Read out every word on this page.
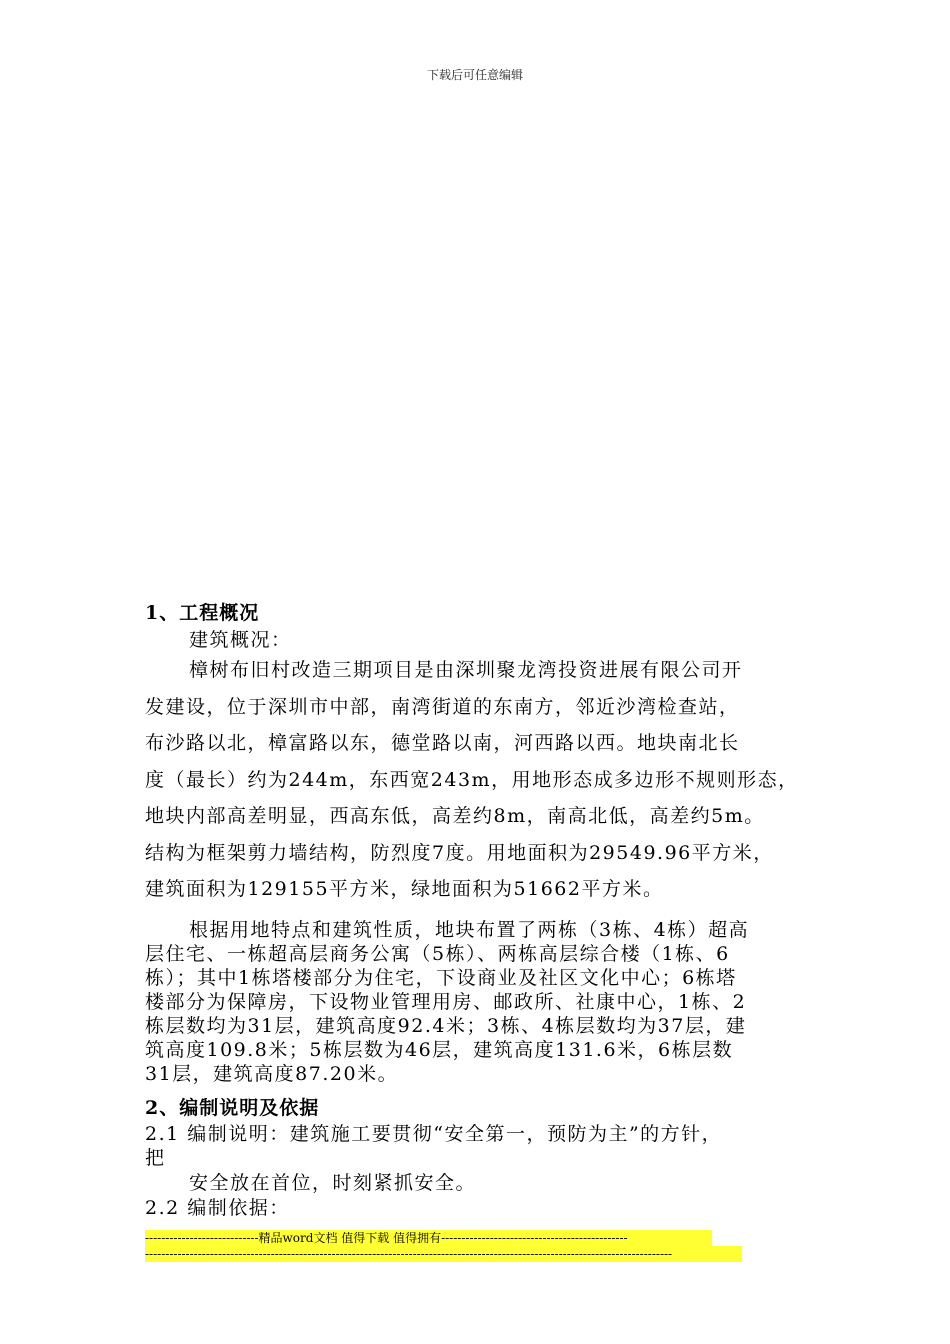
下载后可任意编辑
1、工程概况
建筑概况：
樟树布旧村改造三期项目是由深圳聚龙湾投资进展有限公司开
发建设，位于深圳市中部，南湾街道的东南方，邻近沙湾检查站，
布沙路以北，樟富路以东，德堂路以南，河西路以西。地块南北长
度（最长）约为244m，东西宽243m，用地形态成多边形不规则形态，
地块内部高差明显，西高东低，高差约8m，南高北低，高差约5m。
结构为框架剪力墙结构，防烈度7度。用地面积为29549.96平方米，
建筑面积为129155平方米，绿地面积为51662平方米。
根据用地特点和建筑性质，地块布置了两栋（3栋、4栋）超高
层住宅、一栋超高层商务公寓（5栋）、两栋高层综合楼（1栋、6
栋）；其中1栋塔楼部分为住宅，下设商业及社区文化中心；6栋塔
楼部分为保障房，下设物业管理用房、邮政所、社康中心，1栋、2
栋层数均为31层，建筑高度92.4米；3栋、4栋层数均为37层，建
筑高度109.8米；5栋层数为46层，建筑高度131.6米，6栋层数
31层，建筑高度87.20米。
2、编制说明及依据
2.1 编制说明：建筑施工要贯彻“安全第一，预防为主”的方针，
把
安全放在首位，时刻紧抓安全。
2.2 编制依据：
----------------------------精品word文档 值得下载 值得拥有----------------------------------------------
----------------------------------------------------------------------------------------------------------------------------------
